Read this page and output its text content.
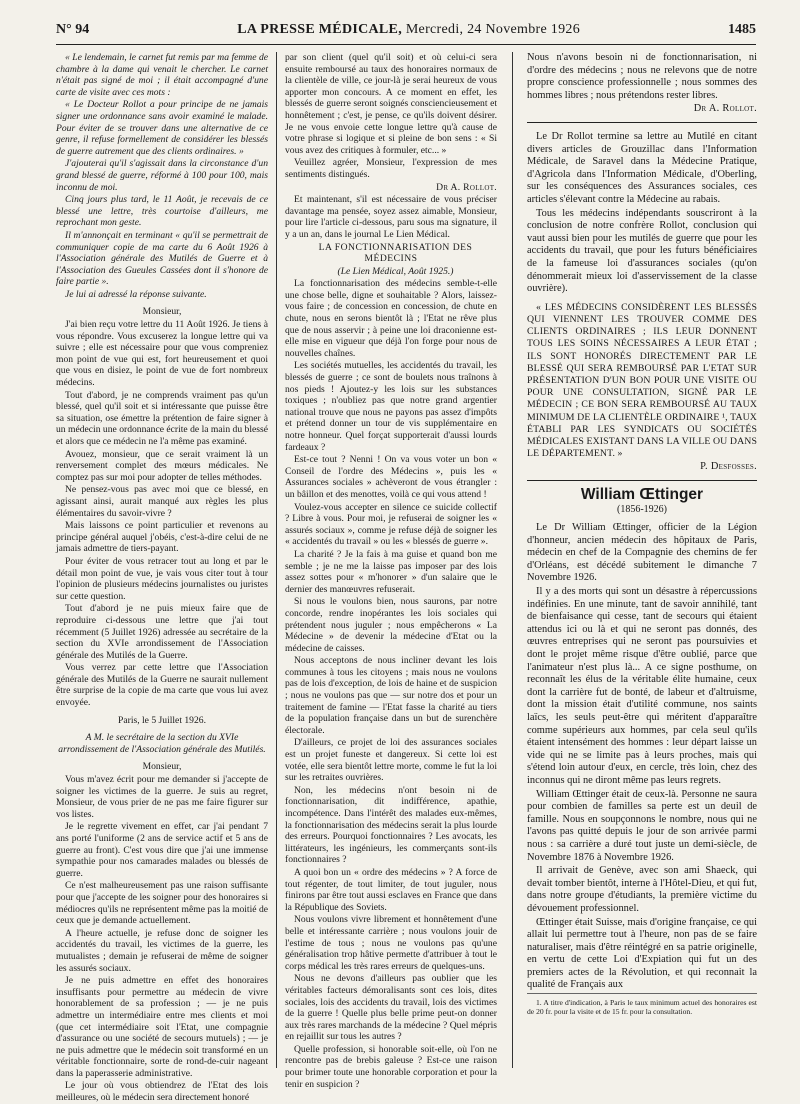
N° 94	LA PRESSE MÉDICALE, Mercredi, 24 Novembre 1926	1485

« Le lendemain, le carnet fut remis par ma femme de chambre à la dame qui venait le chercher. Le carnet n'était pas signé de moi ; il était accompagné d'une carte de visite avec ces mots :

« Le Docteur Rollot a pour principe de ne jamais signer une ordonnance sans avoir examiné le malade. Pour éviter de se trouver dans une alternative de ce genre, il refuse formellement de considérer les blessés de guerre autrement que des clients ordinaires. »

J'ajouterai qu'il s'agissait dans la circonstance d'un grand blessé de guerre, réformé à 100 pour 100, mais inconnu de moi.

Cinq jours plus tard, le 11 Août, je recevais de ce blessé une lettre, très courtoise d'ailleurs, me reprochant mon geste.

Il m'annonçait en terminant « qu'il se permettrait de communiquer copie de ma carte du 6 Août 1926 à l'Association générale des Mutilés de Guerre et à l'Association des Gueules Cassées dont il s'honore de faire partie ».

Je lui ai adressé la réponse suivante.

Monsieur,

J'ai bien reçu votre lettre du 11 Août 1926. Je tiens à vous répondre. Vous excuserez la longue lettre qui va suivre ; elle est nécessaire pour que vous compreniez mon point de vue qui est, fort heureusement et quoi que vous en disiez, le point de vue de fort nombreux médecins.

Tout d'abord, je ne comprends vraiment pas qu'un blessé, quel qu'il soit et si intéressante que puisse être sa situation, ose émettre la prétention de faire signer à un médecin une ordonnance écrite de la main du blessé et alors que ce médecin ne l'a même pas examiné.

Avouez, monsieur, que ce serait vraiment là un renversement complet des mœurs médicales. Ne comptez pas sur moi pour adopter de telles méthodes.

Ne pensez-vous pas avec moi que ce blessé, en agissant ainsi, aurait manqué aux règles les plus élémentaires du savoir-vivre ?

Mais laissons ce point particulier et revenons au principe général auquel j'obéis, c'est-à-dire celui de ne jamais admettre de tiers-payant.

Pour éviter de vous retracer tout au long et par le détail mon point de vue, je vais vous citer tout à tour l'opinion de plusieurs médecins journalistes ou juristes sur cette question.

Tout d'abord je ne puis mieux faire que de reproduire ci-dessous une lettre que j'ai tout récemment (5 Juillet 1926) adressée au secrétaire de la section du XVIe arrondissement de l'Association générale des Mutilés de la Guerre.

Vous verrez par cette lettre que l'Association générale des Mutilés de la Guerre ne saurait nullement être surprise de la copie de ma carte que vous lui avez envoyée.

Paris, le 5 Juillet 1926.

A M. le secrétaire de la section du XVIe arrondissement de l'Association générale des Mutilés.

Monsieur,

Vous m'avez écrit pour me demander si j'accepte de soigner les victimes de la guerre. Je suis au regret, Monsieur, de vous prier de ne pas me faire figurer sur vos listes.

Je le regrette vivement en effet, car j'ai pendant 7 ans porté l'uniforme (2 ans de service actif et 5 ans de guerre au front). C'est vous dire que j'ai une immense sympathie pour nos camarades malades ou blessés de guerre.

Ce n'est malheureusement pas une raison suffisante pour que j'accepte de les soigner pour des honoraires si médiocres qu'ils ne représentent même pas la moitié de ceux que je demande actuellement.

A l'heure actuelle, je refuse donc de soigner les accidentés du travail, les victimes de la guerre, les mutualistes ; demain je refuserai de même de soigner les assurés sociaux.

Je ne puis admettre en effet des honoraires insuffisants pour permettre au médecin de vivre honorablement de sa profession ; — je ne puis admettre un intermédiaire entre mes clients et moi (que cet intermédiaire soit l'Etat, une compagnie d'assurance ou une société de secours mutuels) ; — je ne puis admettre que le médecin soit transformé en un véritable fonctionnaire, sorte de rond-de-cuir nageant dans la paperasserie administrative.

Le jour où vous obtiendrez de l'Etat des lois meilleures, où le médecin sera directement honoré

par son client (quel qu'il soit) et où celui-ci sera ensuite remboursé au taux des honoraires normaux de la clientèle de ville, ce jour-là je serai heureux de vous apporter mon concours. A ce moment en effet, les blessés de guerre seront soignés consciencieusement et honnêtement ; c'est, je pense, ce qu'ils doivent désirer. Je ne vous envoie cette longue lettre qu'à cause de votre phrase si logique et si pleine de bon sens : « Si vous avez des critiques à formuler, etc... »

Veuillez agréer, Monsieur, l'expression de mes sentiments distingués.

Dr A. Rollot.

Et maintenant, s'il est nécessaire de vous préciser davantage ma pensée, soyez assez aimable, Monsieur, pour lire l'article ci-dessous, paru sous ma signature, il y a un an, dans le journal Le Lien Médical.

LA FONCTIONNARISATION DES MÉDECINS

(Le Lien Médical, Août 1925.)

La fonctionnarisation des médecins semble-t-elle une chose belle, digne et souhaitable ? Alors, laissez-vous faire ; de concession en concession, de chute en chute, nous en serons bientôt là ; l'Etat ne rêve plus que de nous asservir ; à peine une loi draconienne est-elle mise en vigueur que déjà l'on forge pour nous de nouvelles chaînes.

Les sociétés mutuelles, les accidentés du travail, les blessés de guerre ; ce sont de boulets nous traînons à nos pieds ! Ajoutez-y les lois sur les substances toxiques ; n'oubliez pas que notre grand argentier national trouve que nous ne payons pas assez d'impôts et prétend donner un tour de vis supplémentaire en notre honneur. Quel forçat supporterait d'aussi lourds fardeaux ?

Est-ce tout ? Nenni ! On va vous voter un bon « Conseil de l'ordre des Médecins », puis les « Assurances sociales » achèveront de vous étrangler : un bâillon et des menottes, voilà ce qui vous attend !

Voulez-vous accepter en silence ce suicide collectif ? Libre à vous. Pour moi, je refuserai de soigner les « assurés sociaux », comme je refuse déjà de soigner les « accidentés du travail » ou les « blessés de guerre ».

La charité ? Je la fais à ma guise et quand bon me semble ; je ne me la laisse pas imposer par des lois assez sottes pour « m'honorer » d'un salaire que le dernier des manœuvres refuserait.

Si nous le voulons bien, nous saurons, par notre concorde, rendre inopérantes les lois sociales qui prétendent nous juguler ; nous empêcherons « La Médecine » de devenir la médecine d'Etat ou la médecine de caisses.

Nous acceptons de nous incliner devant les lois communes à tous les citoyens ; mais nous ne voulons pas de lois d'exception, de lois de haine et de suspicion ; nous ne voulons pas que — sur notre dos et pour un traitement de famine — l'Etat fasse la charité au tiers de la population française dans un but de surenchère électorale.

D'ailleurs, ce projet de loi des assurances sociales est un projet funeste et dangereux. Si cette loi est votée, elle sera bientôt lettre morte, comme le fut la loi sur les retraites ouvrières.

Non, les médecins n'ont besoin ni de fonctionnarisation, dit indifférence, apathie, incompétence. Dans l'intérêt des malades eux-mêmes, la fonctionnarisation des médecins serait la plus lourde des erreurs. Pourquoi fonctionnaires ? Les avocats, les littérateurs, les ingénieurs, les commerçants sont-ils fonctionnaires ?

A quoi bon un « ordre des médecins » ? A force de tout régenter, de tout limiter, de tout juguler, nous finirons par être tout aussi esclaves en France que dans la République des Soviets.

Nous voulons vivre librement et honnêtement d'une belle et intéressante carrière ; nous voulons jouir de l'estime de tous ; nous ne voulons pas qu'une généralisation trop hâtive permette d'attribuer à tout le corps médical les très rares erreurs de quelques-uns.

Nous ne devons d'ailleurs pas oublier que les véritables facteurs démoralisants sont ces lois, dites sociales, lois des accidents du travail, lois des victimes de la guerre ! Quelle plus belle prime peut-on donner aux très rares marchands de la médecine ? Quel mépris en rejaillit sur tous les autres ?

Quelle profession, si honorable soit-elle, où l'on ne rencontre pas de brebis galeuse ? Est-ce une raison pour brimer toute une honorable corporation et pour la tenir en suspicion ?

Nous n'avons besoin ni de fonctionnarisation, ni d'ordre des médecins ; nous ne relevons que de notre propre conscience professionnelle ; nous sommes des hommes libres ; nous prétendons rester libres.

Dr A. Rollot.

Le Dr Rollot termine sa lettre au Mutilé en citant divers articles de Grouzillac dans l'Information Médicale, de Saravel dans la Médecine Pratique, d'Agricola dans l'Information Médicale, d'Oberling, sur les conséquences des Assurances sociales, ces articles s'élevant contre la Médecine au rabais.

Tous les médecins indépendants souscriront à la conclusion de notre confrère Rollot, conclusion qui vaut aussi bien pour les mutilés de guerre que pour les accidents du travail, que pour les futurs bénéficiaires de la fameuse loi d'assurances sociales (qu'on dénommerait mieux loi d'asservissement de la classe ouvrière).

« LES MÉDECINS CONSIDÈRENT LES BLESSÉS QUI VIENNENT LES TROUVER COMME DES CLIENTS ORDINAIRES ; ILS LEUR DONNENT TOUS LES SOINS NÉCESSAIRES A LEUR ÉTAT ; ILS SONT HONORÉS DIRECTEMENT PAR LE BLESSÉ QUI SERA REMBOURSÉ PAR L'ETAT SUR PRÉSENTATION D'UN BON POUR UNE VISITE OU POUR UNE CONSULTATION, SIGNÉ PAR LE MÉDECIN ; CE BON SERA REMBOURSÉ AU TAUX MINIMUM DE LA CLIENTÈLE ORDINAIRE ¹, TAUX ÉTABLI PAR LES SYNDICATS OU SOCIÉTÉS MÉDICALES EXISTANT DANS LA VILLE OU DANS LE DÉPARTEMENT. »

P. Desfosses.

William Œttinger
(1856-1926)

Le Dr William Œttinger, officier de la Légion d'honneur, ancien médecin des hôpitaux de Paris, médecin en chef de la Compagnie des chemins de fer d'Orléans, est décédé subitement le dimanche 7 Novembre 1926.

Il y a des morts qui sont un désastre à répercussions indéfinies. En une minute, tant de savoir annihilé, tant de bienfaisance qui cesse, tant de secours qui étaient attendus ici ou là et qui ne seront pas donnés, des œuvres entreprises qui ne seront pas poursuivies et dont le projet même risque d'être oublié, parce que l'animateur n'est plus là... A ce signe posthume, on reconnaît les élus de la véritable élite humaine, ceux dont la carrière fut de bonté, de labeur et d'altruisme, dont la mission était d'utilité commune, nos saints laïcs, les seuls peut-être qui méritent d'apparaître comme supérieurs aux hommes, par cela seul qu'ils étaient intensément des hommes : leur départ laisse un vide qui ne se limite pas à leurs proches, mais qui s'étend loin autour d'eux, en cercle, très loin, chez des inconnus qui ne diront même pas leurs regrets.

William Œttinger était de ceux-là. Personne ne saura pour combien de familles sa perte est un deuil de famille. Nous en soupçonnons le nombre, nous qui ne l'avons pas quitté depuis le jour de son arrivée parmi nous : sa carrière a duré tout juste un demi-siècle, de Novembre 1876 à Novembre 1926.

Il arrivait de Genève, avec son ami Shaeck, qui devait tomber bientôt, interne à l'Hôtel-Dieu, et qui fut, dans notre groupe d'étudiants, la première victime du dévouement professionnel.

Œttinger était Suisse, mais d'origine française, ce qui allait lui permettre tout à l'heure, non pas de se faire naturaliser, mais d'être réintégré en sa patrie originelle, en vertu de cette Loi d'Expiation qui fut un des premiers actes de la Révolution, et qui reconnait la qualité de Français aux

1. A titre d'indication, à Paris le taux minimum actuel des honoraires est de 20 fr. pour la visite et de 15 fr. pour la consultation.
